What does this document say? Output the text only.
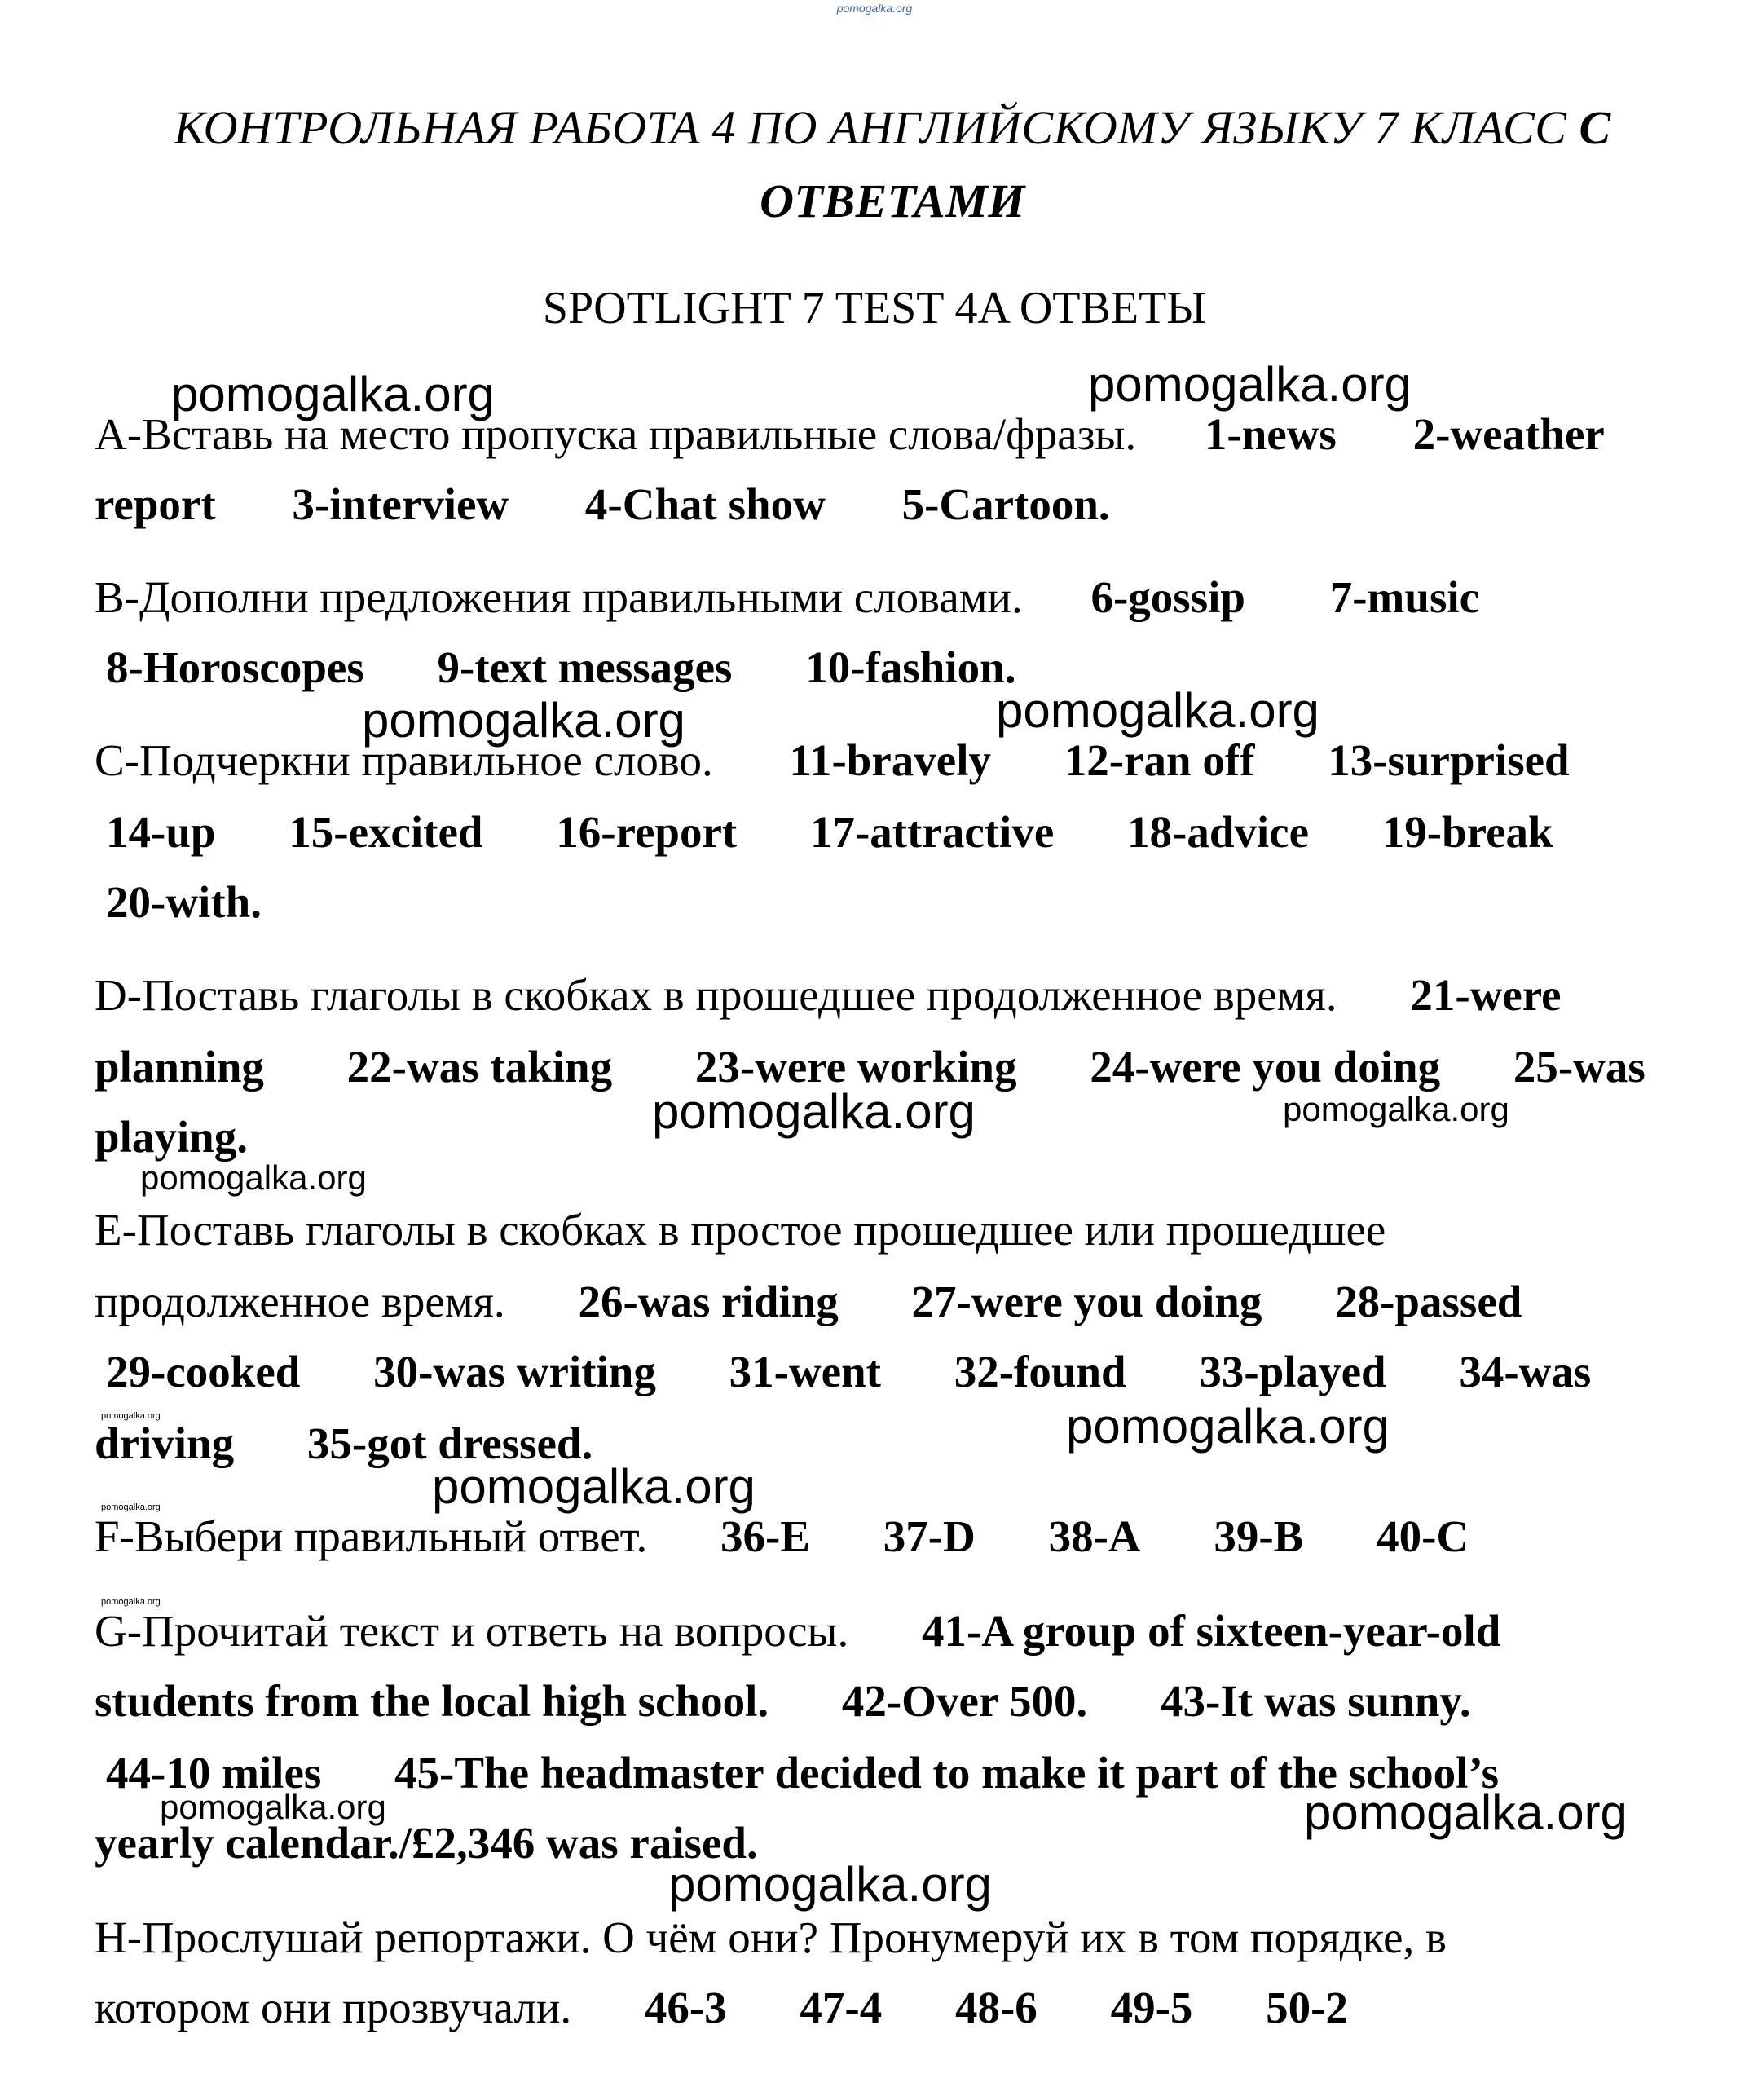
pomogalka.org
КОНТРОЛЬНАЯ РАБОТА 4 ПО АНГЛИЙСКОМУ ЯЗЫКУ 7 КЛАСС С
ОТВЕТАМИ
SPOTLIGHT 7 TEST 4A ОТВЕТЫ
А-Вставь на место пропуска правильные слова/фразы. 1-news 2-weather
report 3-interview 4-Chat show 5-Cartoon.
В-Дополни предложения правильными словами. 6-gossip 7-music
8-Horoscopes 9-text messages 10-fashion.
С-Подчеркни правильное слово. 11-bravely 12-ran off 13-surprised
14-up 15-excited 16-report 17-attractive 18-advice 19-break
20-with.
D-Поставь глаголы в скобках в прошедшее продолженное время. 21-were
planning 22-was taking 23-were working 24-were you doing 25-was
playing.
Е-Поставь глаголы в скобках в простое прошедшее или прошедшее
продолженное время. 26-was riding 27-were you doing 28-passed
29-cooked 30-was writing 31-went 32-found 33-played 34-was
driving 35-got dressed.
F-Выбери правильный ответ. 36-E 37-D 38-A 39-B 40-C
G-Прочитай текст и ответь на вопросы. 41-A group of sixteen-year-old
students from the local high school. 42-Over 500. 43-It was sunny.
44-10 miles 45-The headmaster decided to make it part of the school’s
yearly calendar./£2,346 was raised.
Н-Прослушай репортажи. О чём они? Пронумеруй их в том порядке, в
котором они прозвучали. 46-3 47-4 48-6 49-5 50-2
pomogalka.org	pomogalka.org
pomogalka.org	pomogalka.org
pomogalka.org	pomogalka.org
pomogalka.org
pomogalka.org	pomogalka.org
pomogalka.org
pomogalka.org
pomogalka.org
pomogalka.org	pomogalka.org
pomogalka.org
